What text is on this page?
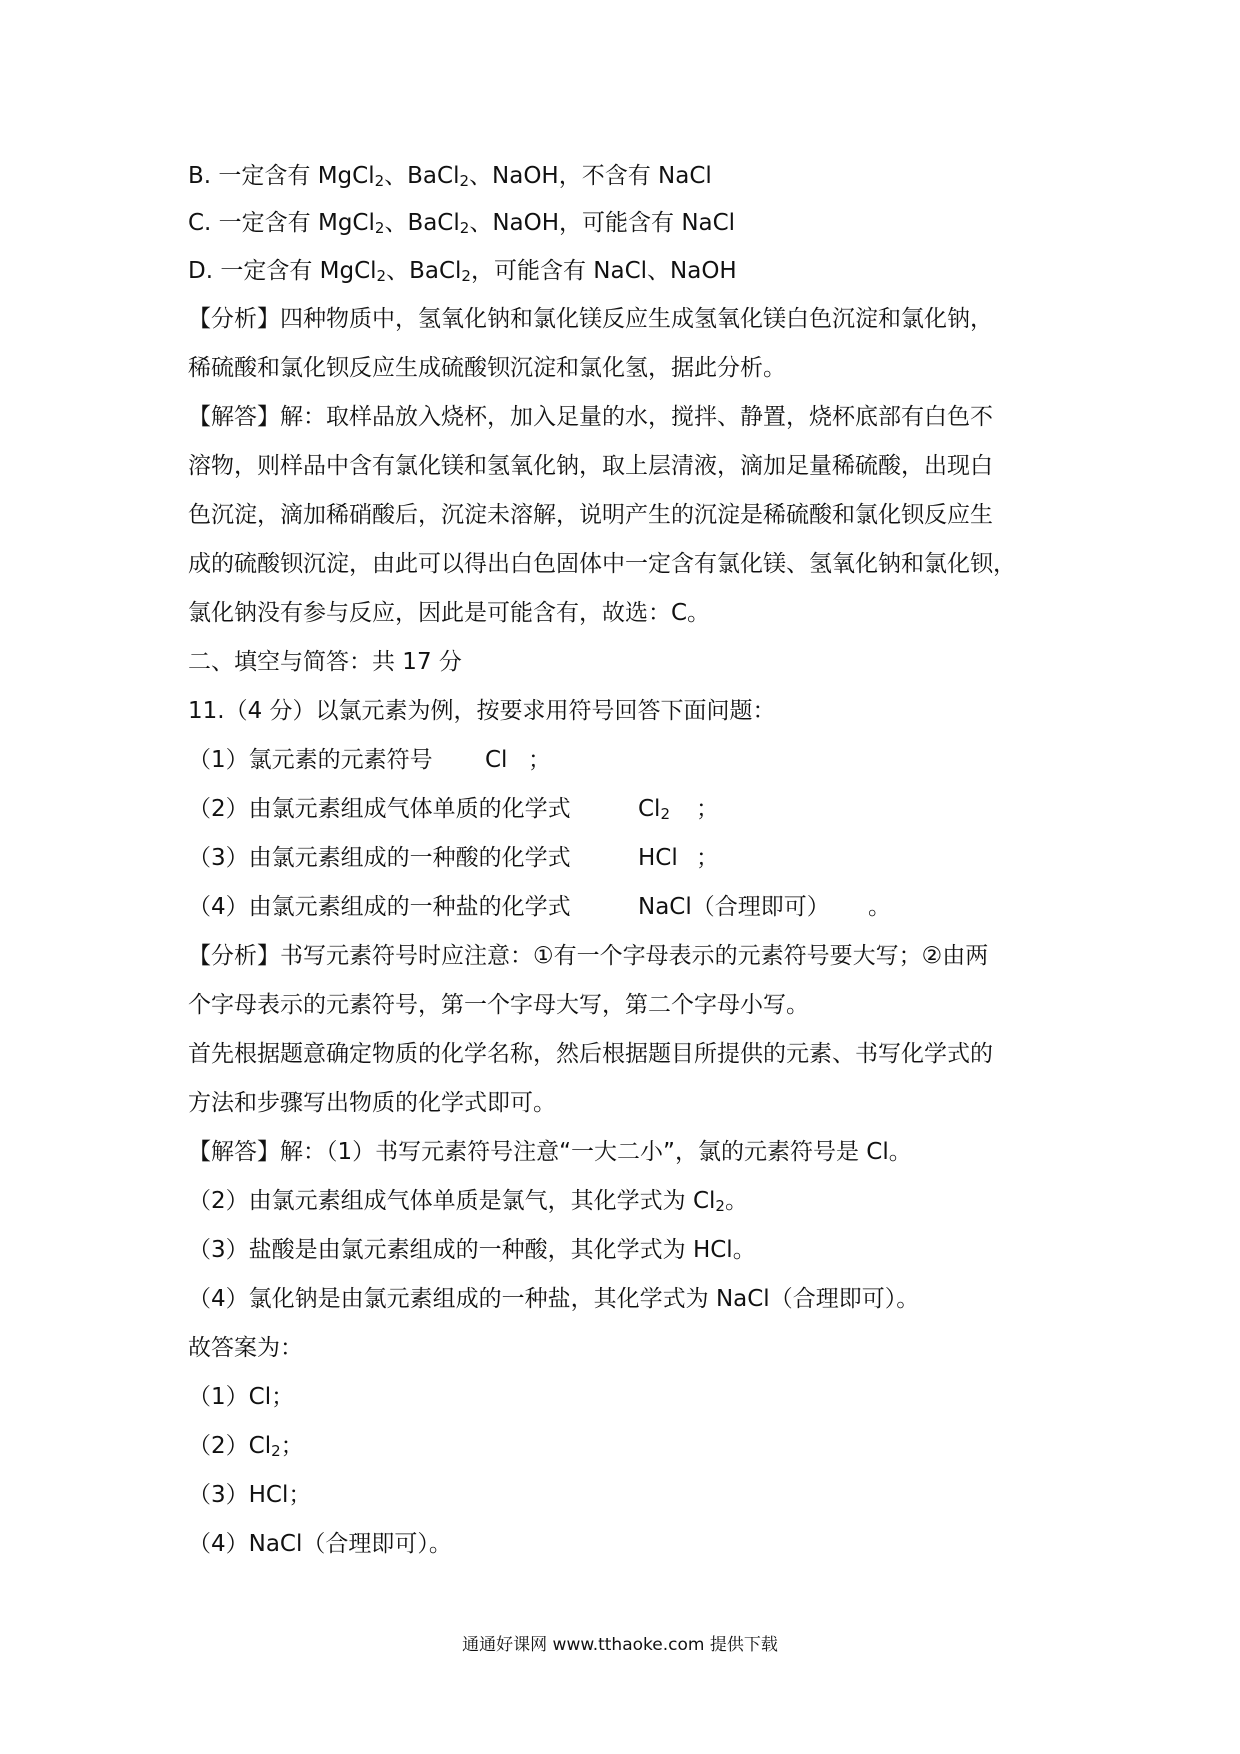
B. 一定含有 MgCl$_2$、BaCl$_2$、NaOH，不含有 NaCl
C. 一定含有 MgCl$_2$、BaCl$_2$、NaOH，可能含有 NaCl
D. 一定含有 MgCl$_2$、BaCl$_2$，可能含有 NaCl、NaOH
【分析】四种物质中，氢氧化钠和氯化镁反应生成氢氧化镁白色沉淀和氯化钠，
稀硫酸和氯化钡反应生成硫酸钡沉淀和氯化氢，据此分析。
【解答】解：取样品放入烧杯，加入足量的水，搅拌、静置，烧杯底部有白色不
溶物，则样品中含有氯化镁和氢氧化钠，取上层清液，滴加足量稀硫酸，出现白
色沉淀，滴加稀硝酸后，沉淀未溶解，说明产生的沉淀是稀硫酸和氯化钡反应生
成的硫酸钡沉淀，由此可以得出白色固体中一定含有氯化镁、氢氧化钠和氯化钡，
氯化钠没有参与反应，因此是可能含有，故选：C。
二、填空与简答：共 17 分
11.（4 分）以氯元素为例，按要求用符号回答下面问题：
（1）氯元素的元素符号 Cl ；
（2）由氯元素组成气体单质的化学式	$Cl_2$ ；
（3）由氯元素组成的一种酸的化学式	HCl ；
（4）由氯元素组成的一种盐的化学式	NaCl（合理即可） 。
【分析】书写元素符号时应注意：①有一个字母表示的元素符号要大写；②由两
个字母表示的元素符号，第一个字母大写，第二个字母小写。
首先根据题意确定物质的化学名称，然后根据题目所提供的元素、书写化学式的
方法和步骤写出物质的化学式即可。
【解答】解：（1）书写元素符号注意“一大二小”，氯的元素符号是 Cl。
（2）由氯元素组成气体单质是氯气，其化学式为 $Cl_2$。
（3）盐酸是由氯元素组成的一种酸，其化学式为 HCl。
（4）氯化钠是由氯元素组成的一种盐，其化学式为 NaCl（合理即可）。
故答案为：
（1）Cl；
$(2)Cl_2$；
（3）HCl；
（4）NaCl（合理即可）。
通通好课网 www.tthaoke.com 提供下载
